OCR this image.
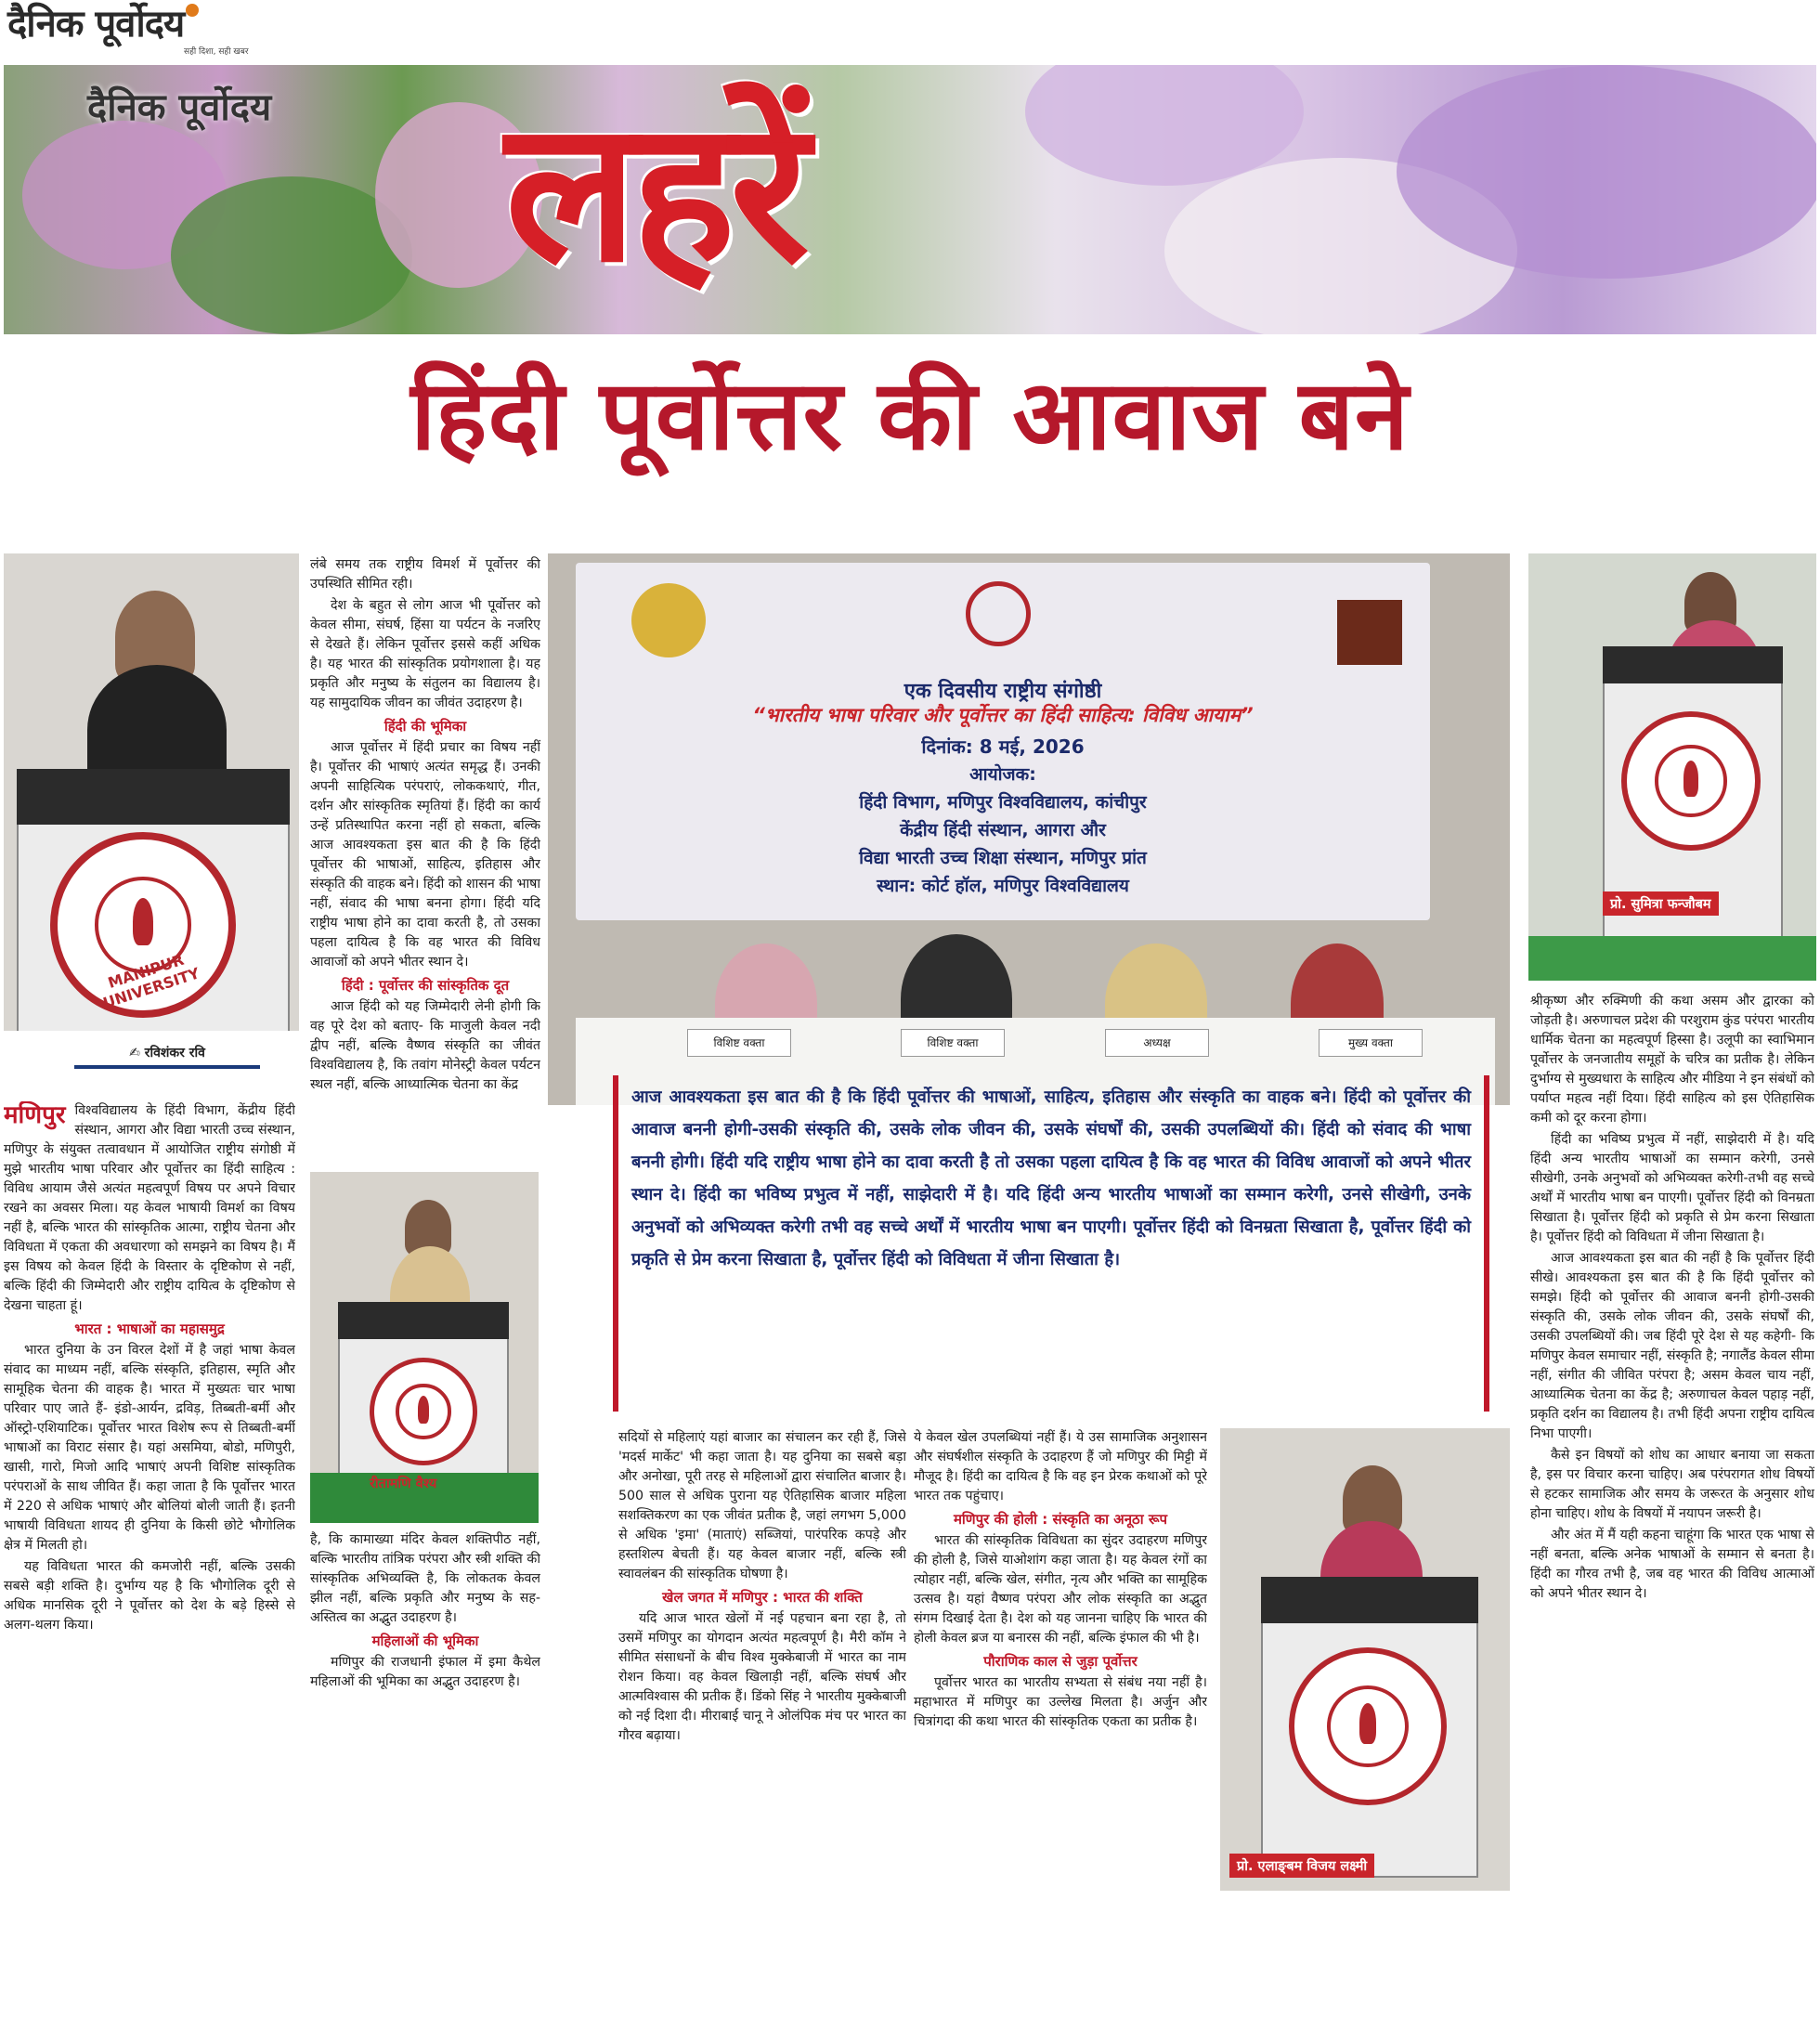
दैनिक पूर्वोदय
सही दिशा, सही खबर
दैनिक पूर्वोदय लहरें
हिंदी पूर्वोत्तर की आवाज बने
MANIPUR UNIVERSITY
✍ रविशंकर रवि

मणिपुर विश्वविद्यालय के हिंदी विभाग, केंद्रीय हिंदी संस्थान, आगरा और विद्या भारती उच्च संस्थान, मणिपुर के संयुक्त तत्वावधान में आयोजित राष्ट्रीय संगोष्ठी में मुझे भारतीय भाषा परिवार और पूर्वोत्तर का हिंदी साहित्य : विविध आयाम जैसे अत्यंत महत्वपूर्ण विषय पर अपने विचार रखने का अवसर मिला। यह केवल भाषायी विमर्श का विषय नहीं है, बल्कि भारत की सांस्कृतिक आत्मा, राष्ट्रीय चेतना और विविधता में एकता की अवधारणा को समझने का विषय है। मैं इस विषय को केवल हिंदी के विस्तार के दृष्टिकोण से नहीं, बल्कि हिंदी की जिम्मेदारी और राष्ट्रीय दायित्व के दृष्टिकोण से देखना चाहता हूं।

भारत : भाषाओं का महासमुद्र

भारत दुनिया के उन विरल देशों में है जहां भाषा केवल संवाद का माध्यम नहीं, बल्कि संस्कृति, इतिहास, स्मृति और सामूहिक चेतना की वाहक है। भारत में मुख्यतः चार भाषा परिवार पाए जाते हैं- इंडो-आर्यन, द्रविड़, तिब्बती-बर्मी और ऑस्ट्रो-एशियाटिक। पूर्वोत्तर भारत विशेष रूप से तिब्बती-बर्मी भाषाओं का विराट संसार है। यहां असमिया, बोडो, मणिपुरी, खासी, गारो, मिजो आदि भाषाएं अपनी विशिष्ट सांस्कृतिक परंपराओं के साथ जीवित हैं। कहा जाता है कि पूर्वोत्तर भारत में 220 से अधिक भाषाएं और बोलियां बोली जाती हैं। इतनी भाषायी विविधता शायद ही दुनिया के किसी छोटे भौगोलिक क्षेत्र में मिलती हो।

यह विविधता भारत की कमजोरी नहीं, बल्कि उसकी सबसे बड़ी शक्ति है। दुर्भाग्य यह है कि भौगोलिक दूरी से अधिक मानसिक दूरी ने पूर्वोत्तर को देश के बड़े हिस्से से अलग-थलग किया।

लंबे समय तक राष्ट्रीय विमर्श में पूर्वोत्तर की उपस्थिति सीमित रही।

देश के बहुत से लोग आज भी पूर्वोत्तर को केवल सीमा, संघर्ष, हिंसा या पर्यटन के नजरिए से देखते हैं। लेकिन पूर्वोत्तर इससे कहीं अधिक है। यह भारत की सांस्कृतिक प्रयोगशाला है। यह प्रकृति और मनुष्य के संतुलन का विद्यालय है। यह सामुदायिक जीवन का जीवंत उदाहरण है।

हिंदी की भूमिका

आज पूर्वोत्तर में हिंदी प्रचार का विषय नहीं है। पूर्वोत्तर की भाषाएं अत्यंत समृद्ध हैं। उनकी अपनी साहित्यिक परंपराएं, लोककथाएं, गीत, दर्शन और सांस्कृतिक स्मृतियां हैं। हिंदी का कार्य उन्हें प्रतिस्थापित करना नहीं हो सकता, बल्कि आज आवश्यकता इस बात की है कि हिंदी पूर्वोत्तर की भाषाओं, साहित्य, इतिहास और संस्कृति की वाहक बने। हिंदी को शासन की भाषा नहीं, संवाद की भाषा बनना होगा। हिंदी यदि राष्ट्रीय भाषा होने का दावा करती है, तो उसका पहला दायित्व है कि वह भारत की विविध आवाजों को अपने भीतर स्थान दे।

हिंदी : पूर्वोत्तर की सांस्कृतिक दूत

आज हिंदी को यह जिम्मेदारी लेनी होगी कि वह पूरे देश को बताए- कि माजुली केवल नदी द्वीप नहीं, बल्कि वैष्णव संस्कृति का जीवंत विश्वविद्यालय है, कि तवांग मोनेस्ट्री केवल पर्यटन स्थल नहीं, बल्कि आध्यात्मिक चेतना का केंद्र

रीतामणि वैश्य

है, कि कामाख्या मंदिर केवल शक्तिपीठ नहीं, बल्कि भारतीय तांत्रिक परंपरा और स्त्री शक्ति की सांस्कृतिक अभिव्यक्ति है, कि लोकतक केवल झील नहीं, बल्कि प्रकृति और मनुष्य के सह-अस्तित्व का अद्भुत उदाहरण है।

महिलाओं की भूमिका

मणिपुर की राजधानी इंफाल में इमा कैथेल महिलाओं की भूमिका का अद्भुत उदाहरण है।

एक दिवसीय राष्ट्रीय संगोष्ठी
“भारतीय भाषा परिवार और पूर्वोत्तर का हिंदी साहित्य: विविध आयाम”
दिनांक: 8 मई, 2026
आयोजक:
हिंदी विभाग, मणिपुर विश्वविद्यालय, कांचीपुर
केंद्रीय हिंदी संस्थान, आगरा और
विद्या भारती उच्च शिक्षा संस्थान, मणिपुर प्रांत
स्थान: कोर्ट हॉल, मणिपुर विश्वविद्यालय
विशिष्ट वक्ता	विशिष्ट वक्ता	अध्यक्ष	मुख्य वक्ता
आज आवश्यकता इस बात की है कि हिंदी पूर्वोत्तर की भाषाओं, साहित्य, इतिहास और संस्कृति का वाहक बने। हिंदी को पूर्वोत्तर की आवाज बननी होगी-उसकी संस्कृति की, उसके लोक जीवन की, उसके संघर्षों की, उसकी उपलब्धियों की। हिंदी को संवाद की भाषा बननी होगी। हिंदी यदि राष्ट्रीय भाषा होने का दावा करती है तो उसका पहला दायित्व है कि वह भारत की विविध आवाजों को अपने भीतर स्थान दे। हिंदी का भविष्य प्रभुत्व में नहीं, साझेदारी में है। यदि हिंदी अन्य भारतीय भाषाओं का सम्मान करेगी, उनसे सीखेगी, उनके अनुभवों को अभिव्यक्त करेगी तभी वह सच्चे अर्थों में भारतीय भाषा बन पाएगी। पूर्वोत्तर हिंदी को विनम्रता सिखाता है, पूर्वोत्तर हिंदी को प्रकृति से प्रेम करना सिखाता है, पूर्वोत्तर हिंदी को विविधता में जीना सिखाता है।

सदियों से महिलाएं यहां बाजार का संचालन कर रही हैं, जिसे 'मदर्स मार्केट' भी कहा जाता है। यह दुनिया का सबसे बड़ा और अनोखा, पूरी तरह से महिलाओं द्वारा संचालित बाजार है। 500 साल से अधिक पुराना यह ऐतिहासिक बाजार महिला सशक्तिकरण का एक जीवंत प्रतीक है, जहां लगभग 5,000 से अधिक 'इमा' (माताएं) सब्जियां, पारंपरिक कपड़े और हस्तशिल्प बेचती हैं। यह केवल बाजार नहीं, बल्कि स्त्री स्वावलंबन की सांस्कृतिक घोषणा है।

खेल जगत में मणिपुर : भारत की शक्ति

यदि आज भारत खेलों में नई पहचान बना रहा है, तो उसमें मणिपुर का योगदान अत्यंत महत्वपूर्ण है। मैरी कॉम ने सीमित संसाधनों के बीच विश्व मुक्केबाजी में भारत का नाम रोशन किया। वह केवल खिलाड़ी नहीं, बल्कि संघर्ष और आत्मविश्वास की प्रतीक हैं। डिंको सिंह ने भारतीय मुक्केबाजी को नई दिशा दी। मीराबाई चानू ने ओलंपिक मंच पर भारत का गौरव बढ़ाया।

ये केवल खेल उपलब्धियां नहीं हैं। ये उस सामाजिक अनुशासन और संघर्षशील संस्कृति के उदाहरण हैं जो मणिपुर की मिट्टी में मौजूद है। हिंदी का दायित्व है कि वह इन प्रेरक कथाओं को पूरे भारत तक पहुंचाए।

मणिपुर की होली : संस्कृति का अनूठा रूप

भारत की सांस्कृतिक विविधता का सुंदर उदाहरण मणिपुर की होली है, जिसे याओशांग कहा जाता है। यह केवल रंगों का त्योहार नहीं, बल्कि खेल, संगीत, नृत्य और भक्ति का सामूहिक उत्सव है। यहां वैष्णव परंपरा और लोक संस्कृति का अद्भुत संगम दिखाई देता है। देश को यह जानना चाहिए कि भारत की होली केवल ब्रज या बनारस की नहीं, बल्कि इंफाल की भी है।

पौराणिक काल से जुड़ा पूर्वोत्तर

पूर्वोत्तर भारत का भारतीय सभ्यता से संबंध नया नहीं है। महाभारत में मणिपुर का उल्लेख मिलता है। अर्जुन और चित्रांगदा की कथा भारत की सांस्कृतिक एकता का प्रतीक है।

प्रो. एलाङ्बम विजय लक्ष्मी
प्रो. सुमित्रा फन्जौबम

श्रीकृष्ण और रुक्मिणी की कथा असम और द्वारका को जोड़ती है। अरुणाचल प्रदेश की परशुराम कुंड परंपरा भारतीय धार्मिक चेतना का महत्वपूर्ण हिस्सा है। उलूपी का स्वाभिमान पूर्वोत्तर के जनजातीय समूहों के चरित्र का प्रतीक है। लेकिन दुर्भाग्य से मुख्यधारा के साहित्य और मीडिया ने इन संबंधों को पर्याप्त महत्व नहीं दिया। हिंदी साहित्य को इस ऐतिहासिक कमी को दूर करना होगा।

हिंदी का भविष्य प्रभुत्व में नहीं, साझेदारी में है। यदि हिंदी अन्य भारतीय भाषाओं का सम्मान करेगी, उनसे सीखेगी, उनके अनुभवों को अभिव्यक्त करेगी-तभी वह सच्चे अर्थों में भारतीय भाषा बन पाएगी। पूर्वोत्तर हिंदी को विनम्रता सिखाता है। पूर्वोत्तर हिंदी को प्रकृति से प्रेम करना सिखाता है। पूर्वोत्तर हिंदी को विविधता में जीना सिखाता है।

आज आवश्यकता इस बात की नहीं है कि पूर्वोत्तर हिंदी सीखे। आवश्यकता इस बात की है कि हिंदी पूर्वोत्तर को समझे। हिंदी को पूर्वोत्तर की आवाज बननी होगी-उसकी संस्कृति की, उसके लोक जीवन की, उसके संघर्षों की, उसकी उपलब्धियों की। जब हिंदी पूरे देश से यह कहेगी- कि मणिपुर केवल समाचार नहीं, संस्कृति है; नगालैंड केवल सीमा नहीं, संगीत की जीवित परंपरा है; असम केवल चाय नहीं, आध्यात्मिक चेतना का केंद्र है; अरुणाचल केवल पहाड़ नहीं, प्रकृति दर्शन का विद्यालय है। तभी हिंदी अपना राष्ट्रीय दायित्व निभा पाएगी।

कैसे इन विषयों को शोध का आधार बनाया जा सकता है, इस पर विचार करना चाहिए। अब परंपरागत शोध विषयों से हटकर सामाजिक और समय के जरूरत के अनुसार शोध होना चाहिए। शोध के विषयों में नयापन जरूरी है।

और अंत में मैं यही कहना चाहूंगा कि भारत एक भाषा से नहीं बनता, बल्कि अनेक भाषाओं के सम्मान से बनता है। हिंदी का गौरव तभी है, जब वह भारत की विविध आत्माओं को अपने भीतर स्थान दे।
